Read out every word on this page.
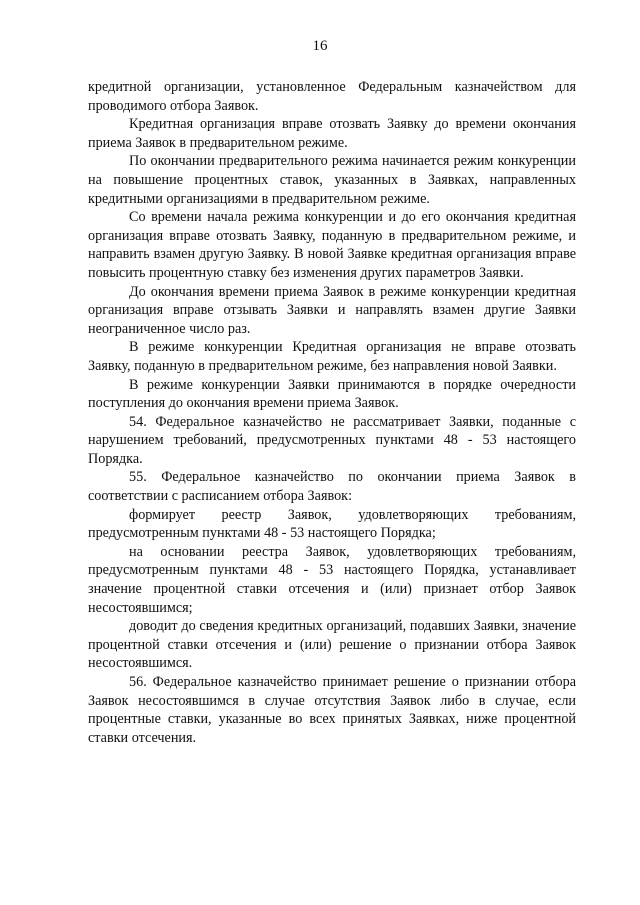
16

кредитной организации, установленное Федеральным казначейством для проводимого отбора Заявок.

Кредитная организация вправе отозвать Заявку до времени окончания приема Заявок в предварительном режиме.

По окончании предварительного режима начинается режим конкуренции на повышение процентных ставок, указанных в Заявках, направленных кредитными организациями в предварительном режиме.

Со времени начала режима конкуренции и до его окончания кредитная организация вправе отозвать Заявку, поданную в предварительном режиме, и направить взамен другую Заявку. В новой Заявке кредитная организация вправе повысить процентную ставку без изменения других параметров Заявки.

До окончания времени приема Заявок в режиме конкуренции кредитная организация вправе отзывать Заявки и направлять взамен другие Заявки неограниченное число раз.

В режиме конкуренции Кредитная организация не вправе отозвать Заявку, поданную в предварительном режиме, без направления новой Заявки.

В режиме конкуренции Заявки принимаются в порядке очередности поступления до окончания времени приема Заявок.

54. Федеральное казначейство не рассматривает Заявки, поданные с нарушением требований, предусмотренных пунктами 48 - 53 настоящего Порядка.

55. Федеральное казначейство по окончании приема Заявок в соответствии с расписанием отбора Заявок:

формирует реестр Заявок, удовлетворяющих требованиям, предусмотренным пунктами 48 - 53 настоящего Порядка;

на основании реестра Заявок, удовлетворяющих требованиям, предусмотренным пунктами 48 - 53 настоящего Порядка, устанавливает значение процентной ставки отсечения и (или) признает отбор Заявок несостоявшимся;

доводит до сведения кредитных организаций, подавших Заявки, значение процентной ставки отсечения и (или) решение о признании отбора Заявок несостоявшимся.

56. Федеральное казначейство принимает решение о признании отбора Заявок несостоявшимся в случае отсутствия Заявок либо в случае, если процентные ставки, указанные во всех принятых Заявках, ниже процентной ставки отсечения.
